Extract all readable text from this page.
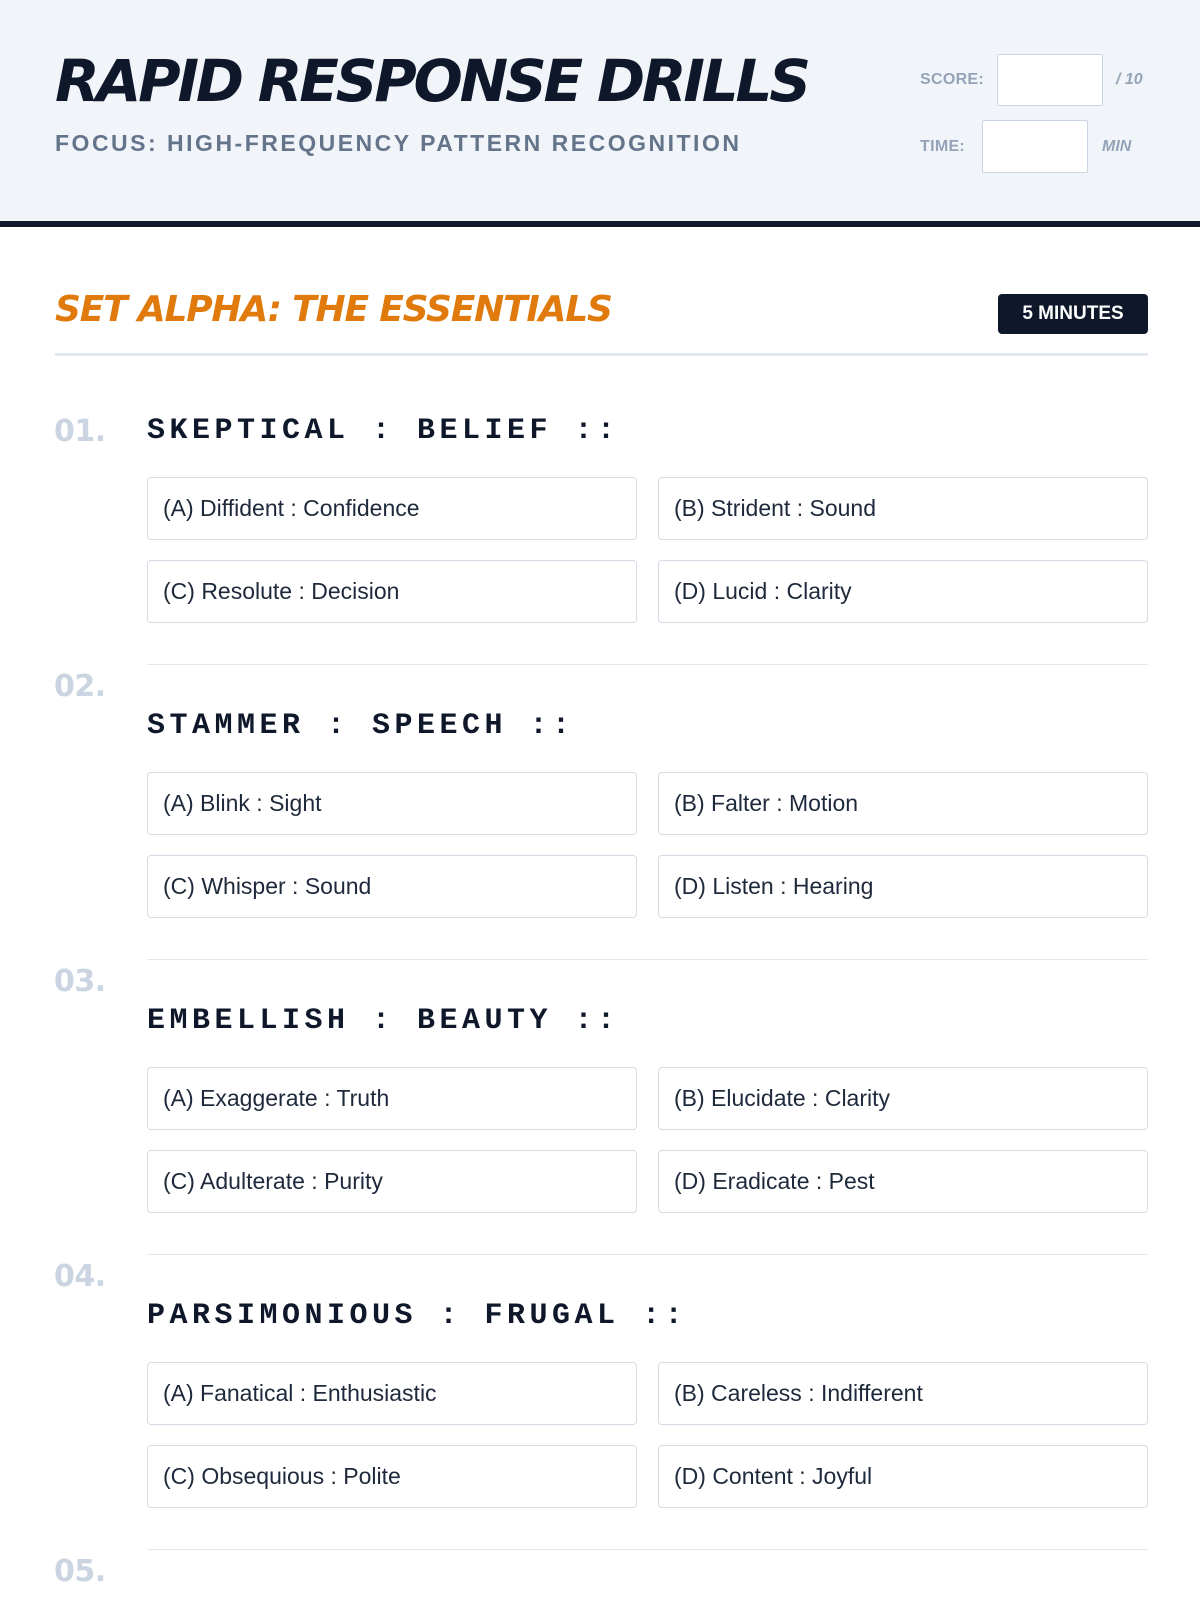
RAPID RESPONSE DRILLS
FOCUS: HIGH-FREQUENCY PATTERN RECOGNITION
SCORE:	/ 10
TIME:	MIN
SET ALPHA: THE ESSENTIALS	5 MINUTES
01. SKEPTICAL : BELIEF ::
(A) Diffident : Confidence	(B) Strident : Sound
(C) Resolute : Decision	(D) Lucid : Clarity
02.
STAMMER : SPEECH ::
(A) Blink : Sight	(B) Falter : Motion
(C) Whisper : Sound	(D) Listen : Hearing
03.
EMBELLISH : BEAUTY ::
(A) Exaggerate : Truth	(B) Elucidate : Clarity
(C) Adulterate : Purity	(D) Eradicate : Pest
04.
PARSIMONIOUS : FRUGAL ::
(A) Fanatical : Enthusiastic	(B) Careless : Indifferent
(C) Obsequious : Polite	(D) Content : Joyful
05.
